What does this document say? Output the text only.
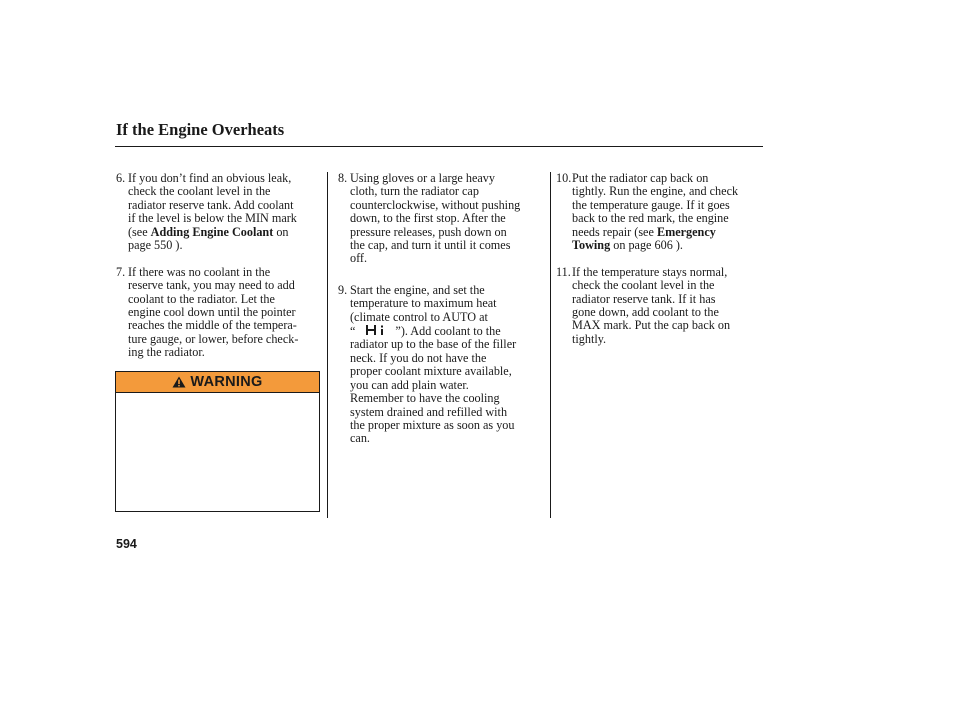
If the Engine Overheats
6. If you don’t find an obvious leak,
check the coolant level in the
radiator reserve tank. Add coolant
if the level is below the MIN mark
(see Adding Engine Coolant on
page 550 ).

7. If there was no coolant in the
reserve tank, you may need to add
coolant to the radiator. Let the
engine cool down until the pointer
reaches the middle of the tempera-
ture gauge, or lower, before check-
ing the radiator.

WARNING
8. Using gloves or a large heavy
cloth, turn the radiator cap
counterclockwise, without pushing
down, to the first stop. After the
pressure releases, push down on
the cap, and turn it until it comes
off.

9. Start the engine, and set the
temperature to maximum heat
(climate control to AUTO at
“	”). Add coolant to the
radiator up to the base of the filler
neck. If you do not have the
proper coolant mixture available,
you can add plain water.
Remember to have the cooling
system drained and refilled with
the proper mixture as soon as you
can.

10. Put the radiator cap back on
tightly. Run the engine, and check
the temperature gauge. If it goes
back to the red mark, the engine
needs repair (see Emergency
Towing on page 606 ).

11. If the temperature stays normal,
check the coolant level in the
radiator reserve tank. If it has
gone down, add coolant to the
MAX mark. Put the cap back on
tightly.

594
